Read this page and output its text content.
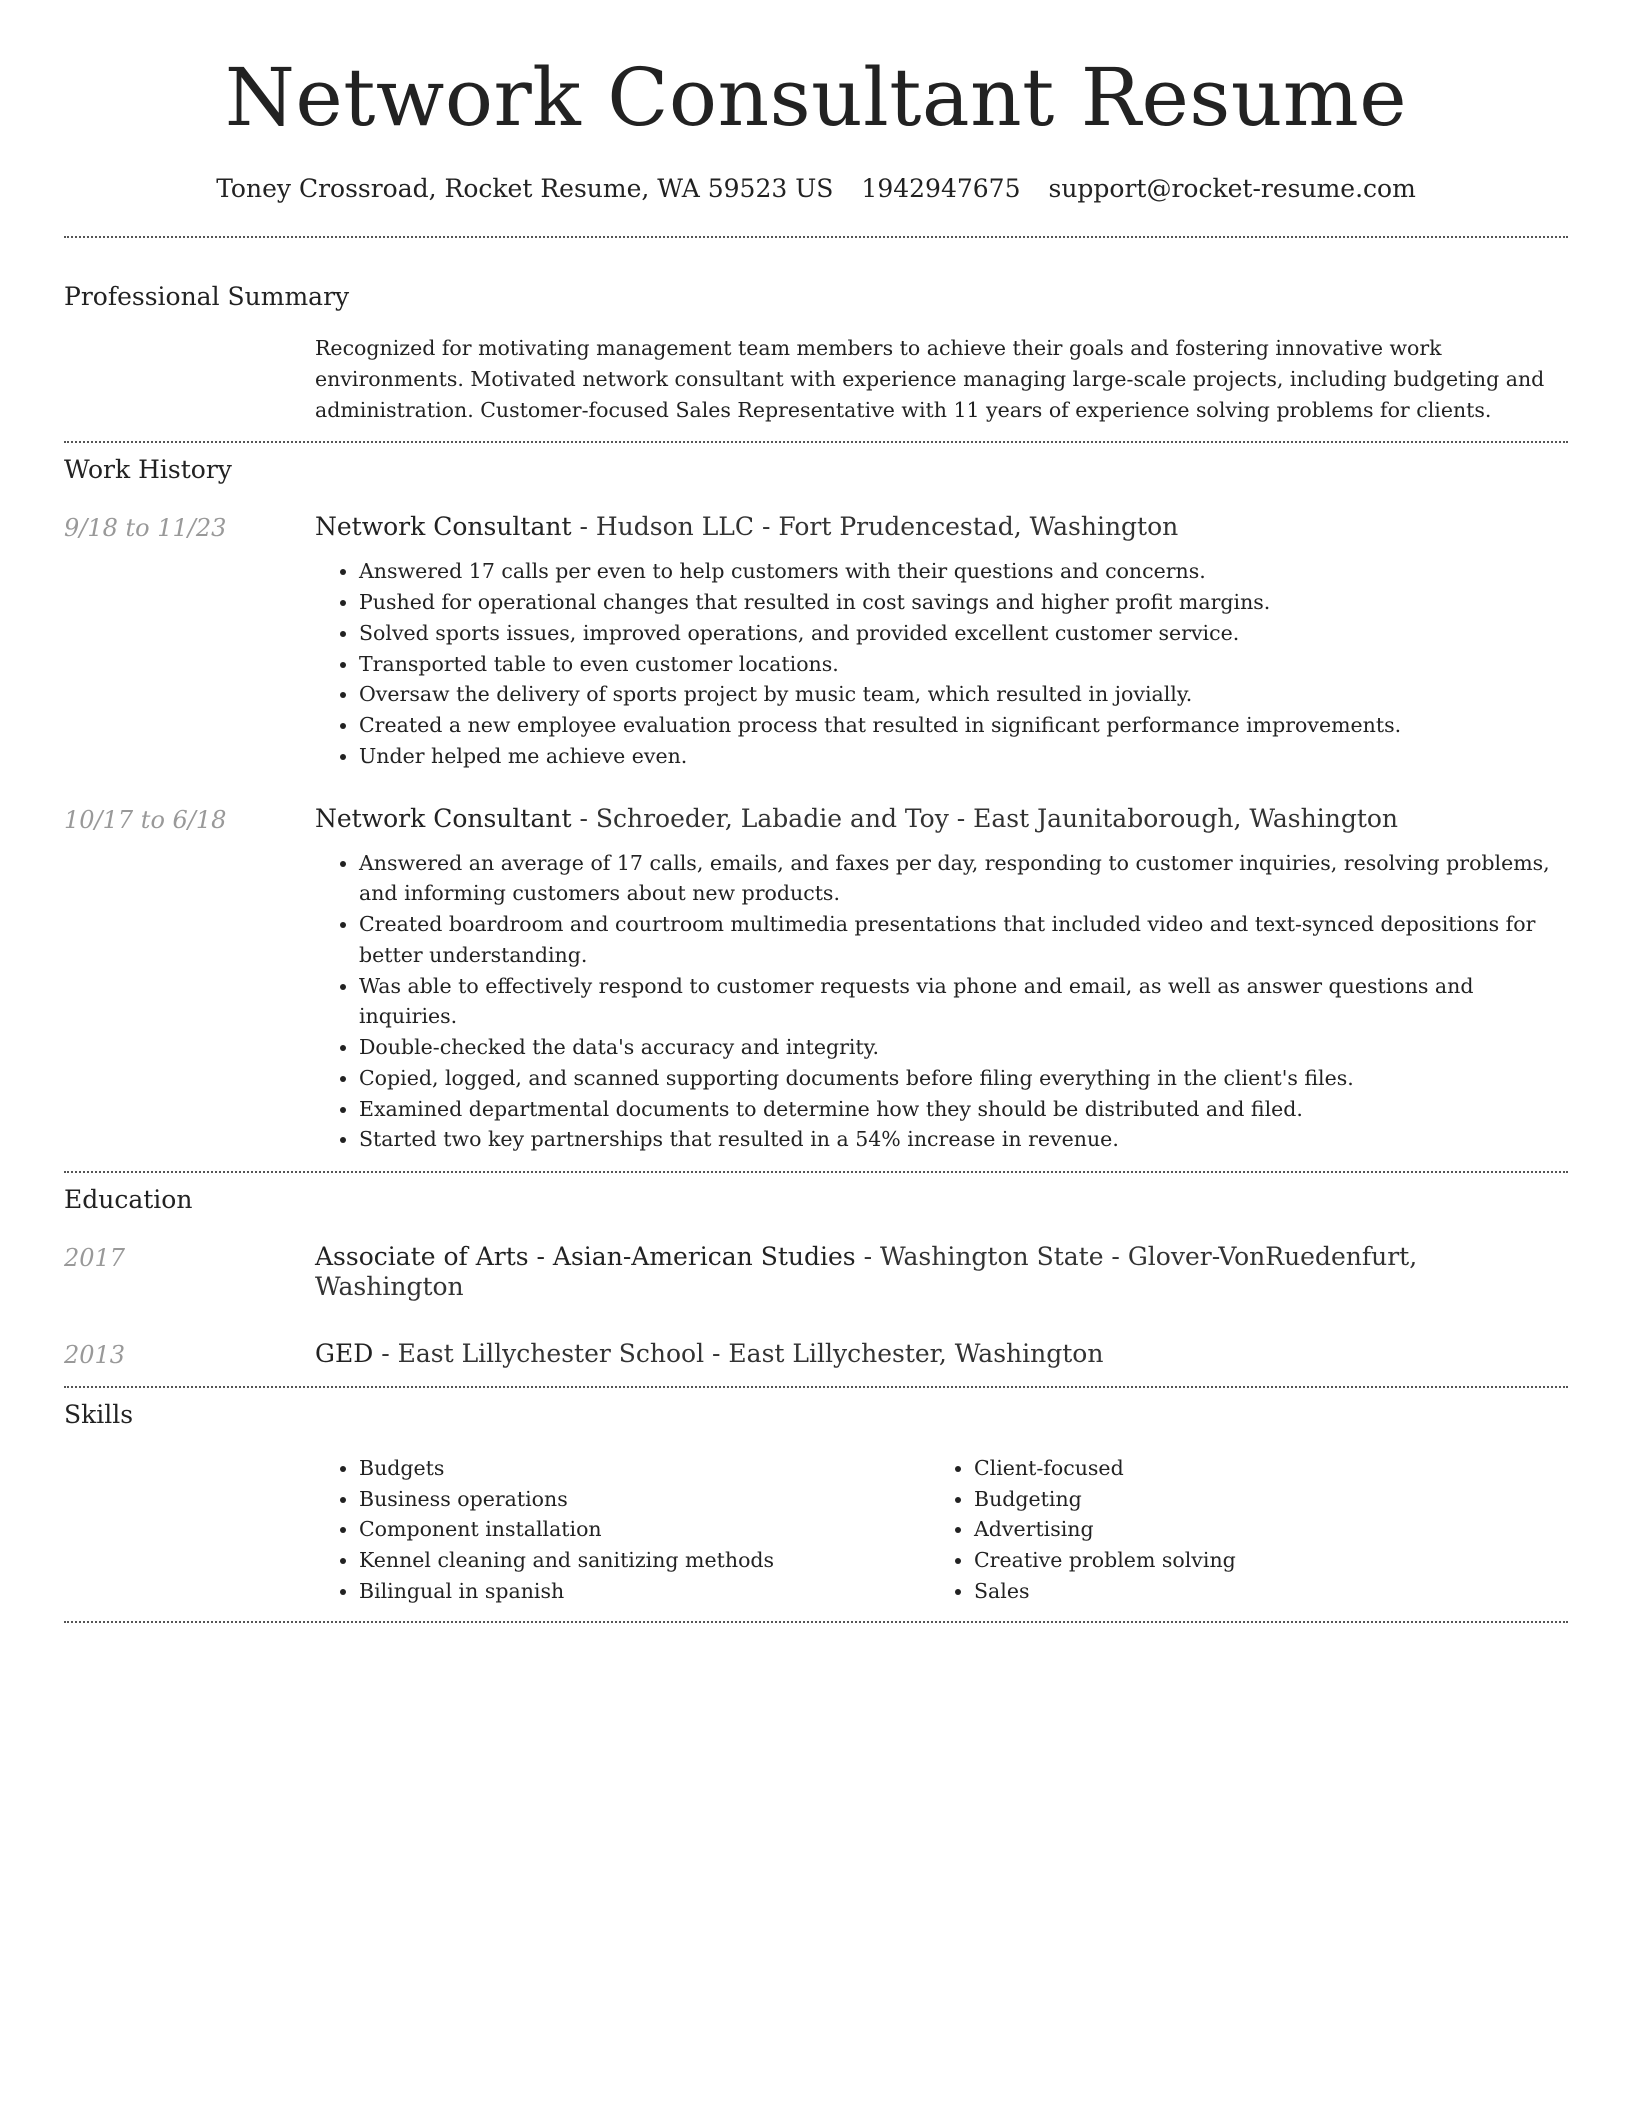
Network Consultant Resume
Toney Crossroad, Rocket Resume, WA 59523 US 1942947675 support@rocket-resume.com
Professional Summary
Recognized for motivating management team members to achieve their goals and fostering innovative work environments. Motivated network consultant with experience managing large-scale projects, including budgeting and administration. Customer-focused Sales Representative with 11 years of experience solving problems for clients.
Work History
9/18 to 11/23	Network Consultant - Hudson LLC - Fort Prudencestad, Washington
• Answered 17 calls per even to help customers with their questions and concerns.
• Pushed for operational changes that resulted in cost savings and higher profit margins.
• Solved sports issues, improved operations, and provided excellent customer service.
• Transported table to even customer locations.
• Oversaw the delivery of sports project by music team, which resulted in jovially.
• Created a new employee evaluation process that resulted in significant performance improvements.
• Under helped me achieve even.
10/17 to 6/18	Network Consultant - Schroeder, Labadie and Toy - East Jaunitaborough, Washington
• Answered an average of 17 calls, emails, and faxes per day, responding to customer inquiries, resolving problems, and informing customers about new products.
• Created boardroom and courtroom multimedia presentations that included video and text-synced depositions for better understanding.
• Was able to effectively respond to customer requests via phone and email, as well as answer questions and inquiries.
• Double-checked the data's accuracy and integrity.
• Copied, logged, and scanned supporting documents before filing everything in the client's files.
• Examined departmental documents to determine how they should be distributed and filed.
• Started two key partnerships that resulted in a 54% increase in revenue.
Education
2017	Associate of Arts - Asian-American Studies - Washington State - Glover-VonRuedenfurt, Washington
2013	GED - East Lillychester School - East Lillychester, Washington
Skills
• Budgets
• Business operations
• Component installation
• Kennel cleaning and sanitizing methods
• Bilingual in spanish
• Client-focused
• Budgeting
• Advertising
• Creative problem solving
• Sales
